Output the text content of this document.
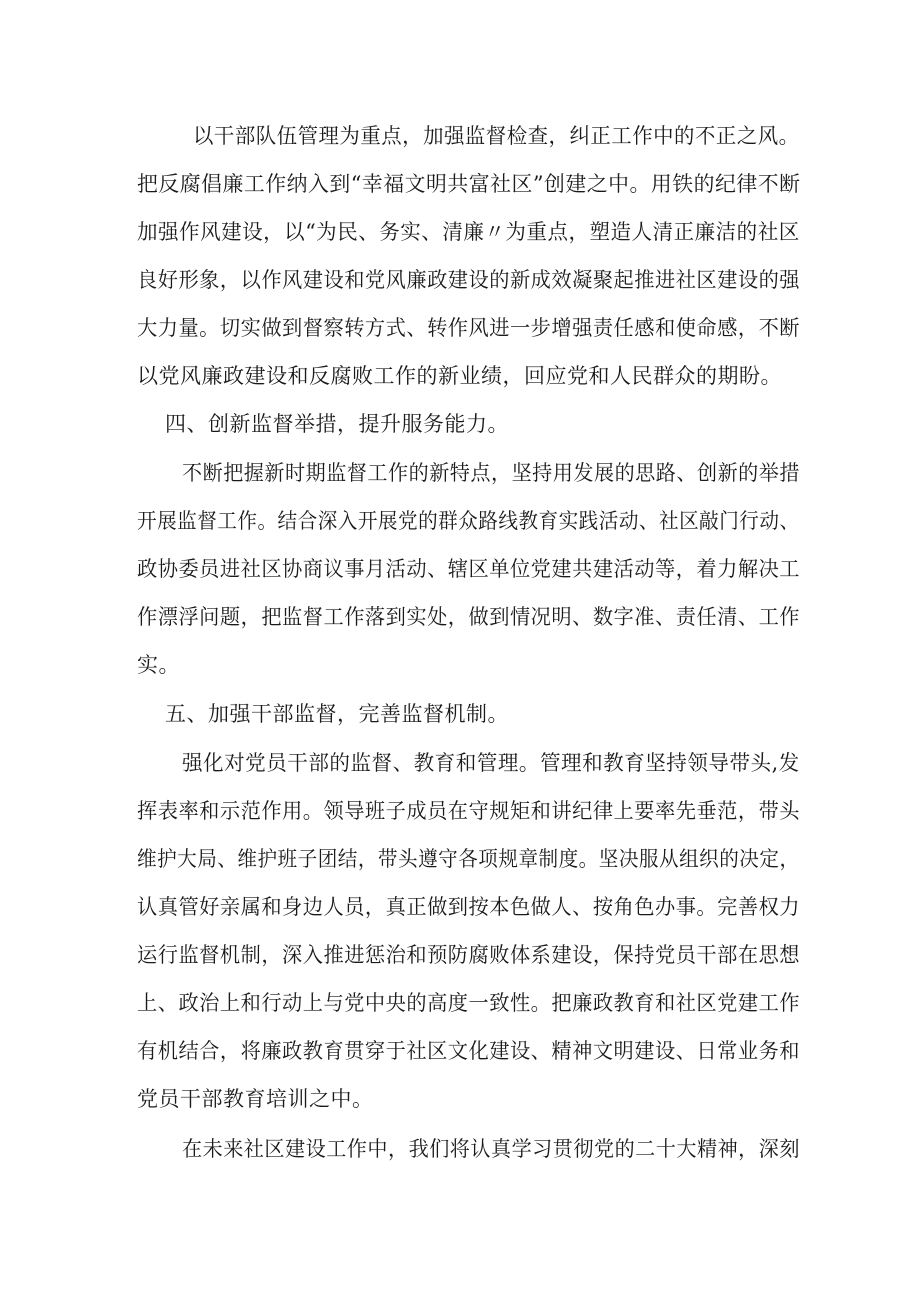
以干部队伍管理为重点，加强监督检查，纠正工作中的不正之风。
把反腐倡廉工作纳入到“幸福文明共富社区”创建之中。用铁的纪律不断
加强作风建设，以“为民、务实、清廉〃为重点，塑造人清正廉洁的社区
良好形象，以作风建设和党风廉政建设的新成效凝聚起推进社区建设的强
大力量。切实做到督察转方式、转作风进一步增强责任感和使命感，不断
以党风廉政建设和反腐败工作的新业绩，回应党和人民群众的期盼。
四、创新监督举措，提升服务能力。
不断把握新时期监督工作的新特点，坚持用发展的思路、创新的举措
开展监督工作。结合深入开展党的群众路线教育实践活动、社区敲门行动、
政协委员进社区协商议事月活动、辖区单位党建共建活动等，着力解决工
作漂浮问题，把监督工作落到实处，做到情况明、数字准、责任清、工作
实。
五、加强干部监督，完善监督机制。
强化对党员干部的监督、教育和管理。管理和教育坚持领导带头,发
挥表率和示范作用。领导班子成员在守规矩和讲纪律上要率先垂范，带头
维护大局、维护班子团结，带头遵守各项规章制度。坚决服从组织的决定，
认真管好亲属和身边人员，真正做到按本色做人、按角色办事。完善权力
运行监督机制，深入推进惩治和预防腐败体系建设，保持党员干部在思想
上、政治上和行动上与党中央的高度一致性。把廉政教育和社区党建工作
有机结合，将廉政教育贯穿于社区文化建设、精神文明建设、日常业务和
党员干部教育培训之中。
在未来社区建设工作中，我们将认真学习贯彻党的二十大精神，深刻
